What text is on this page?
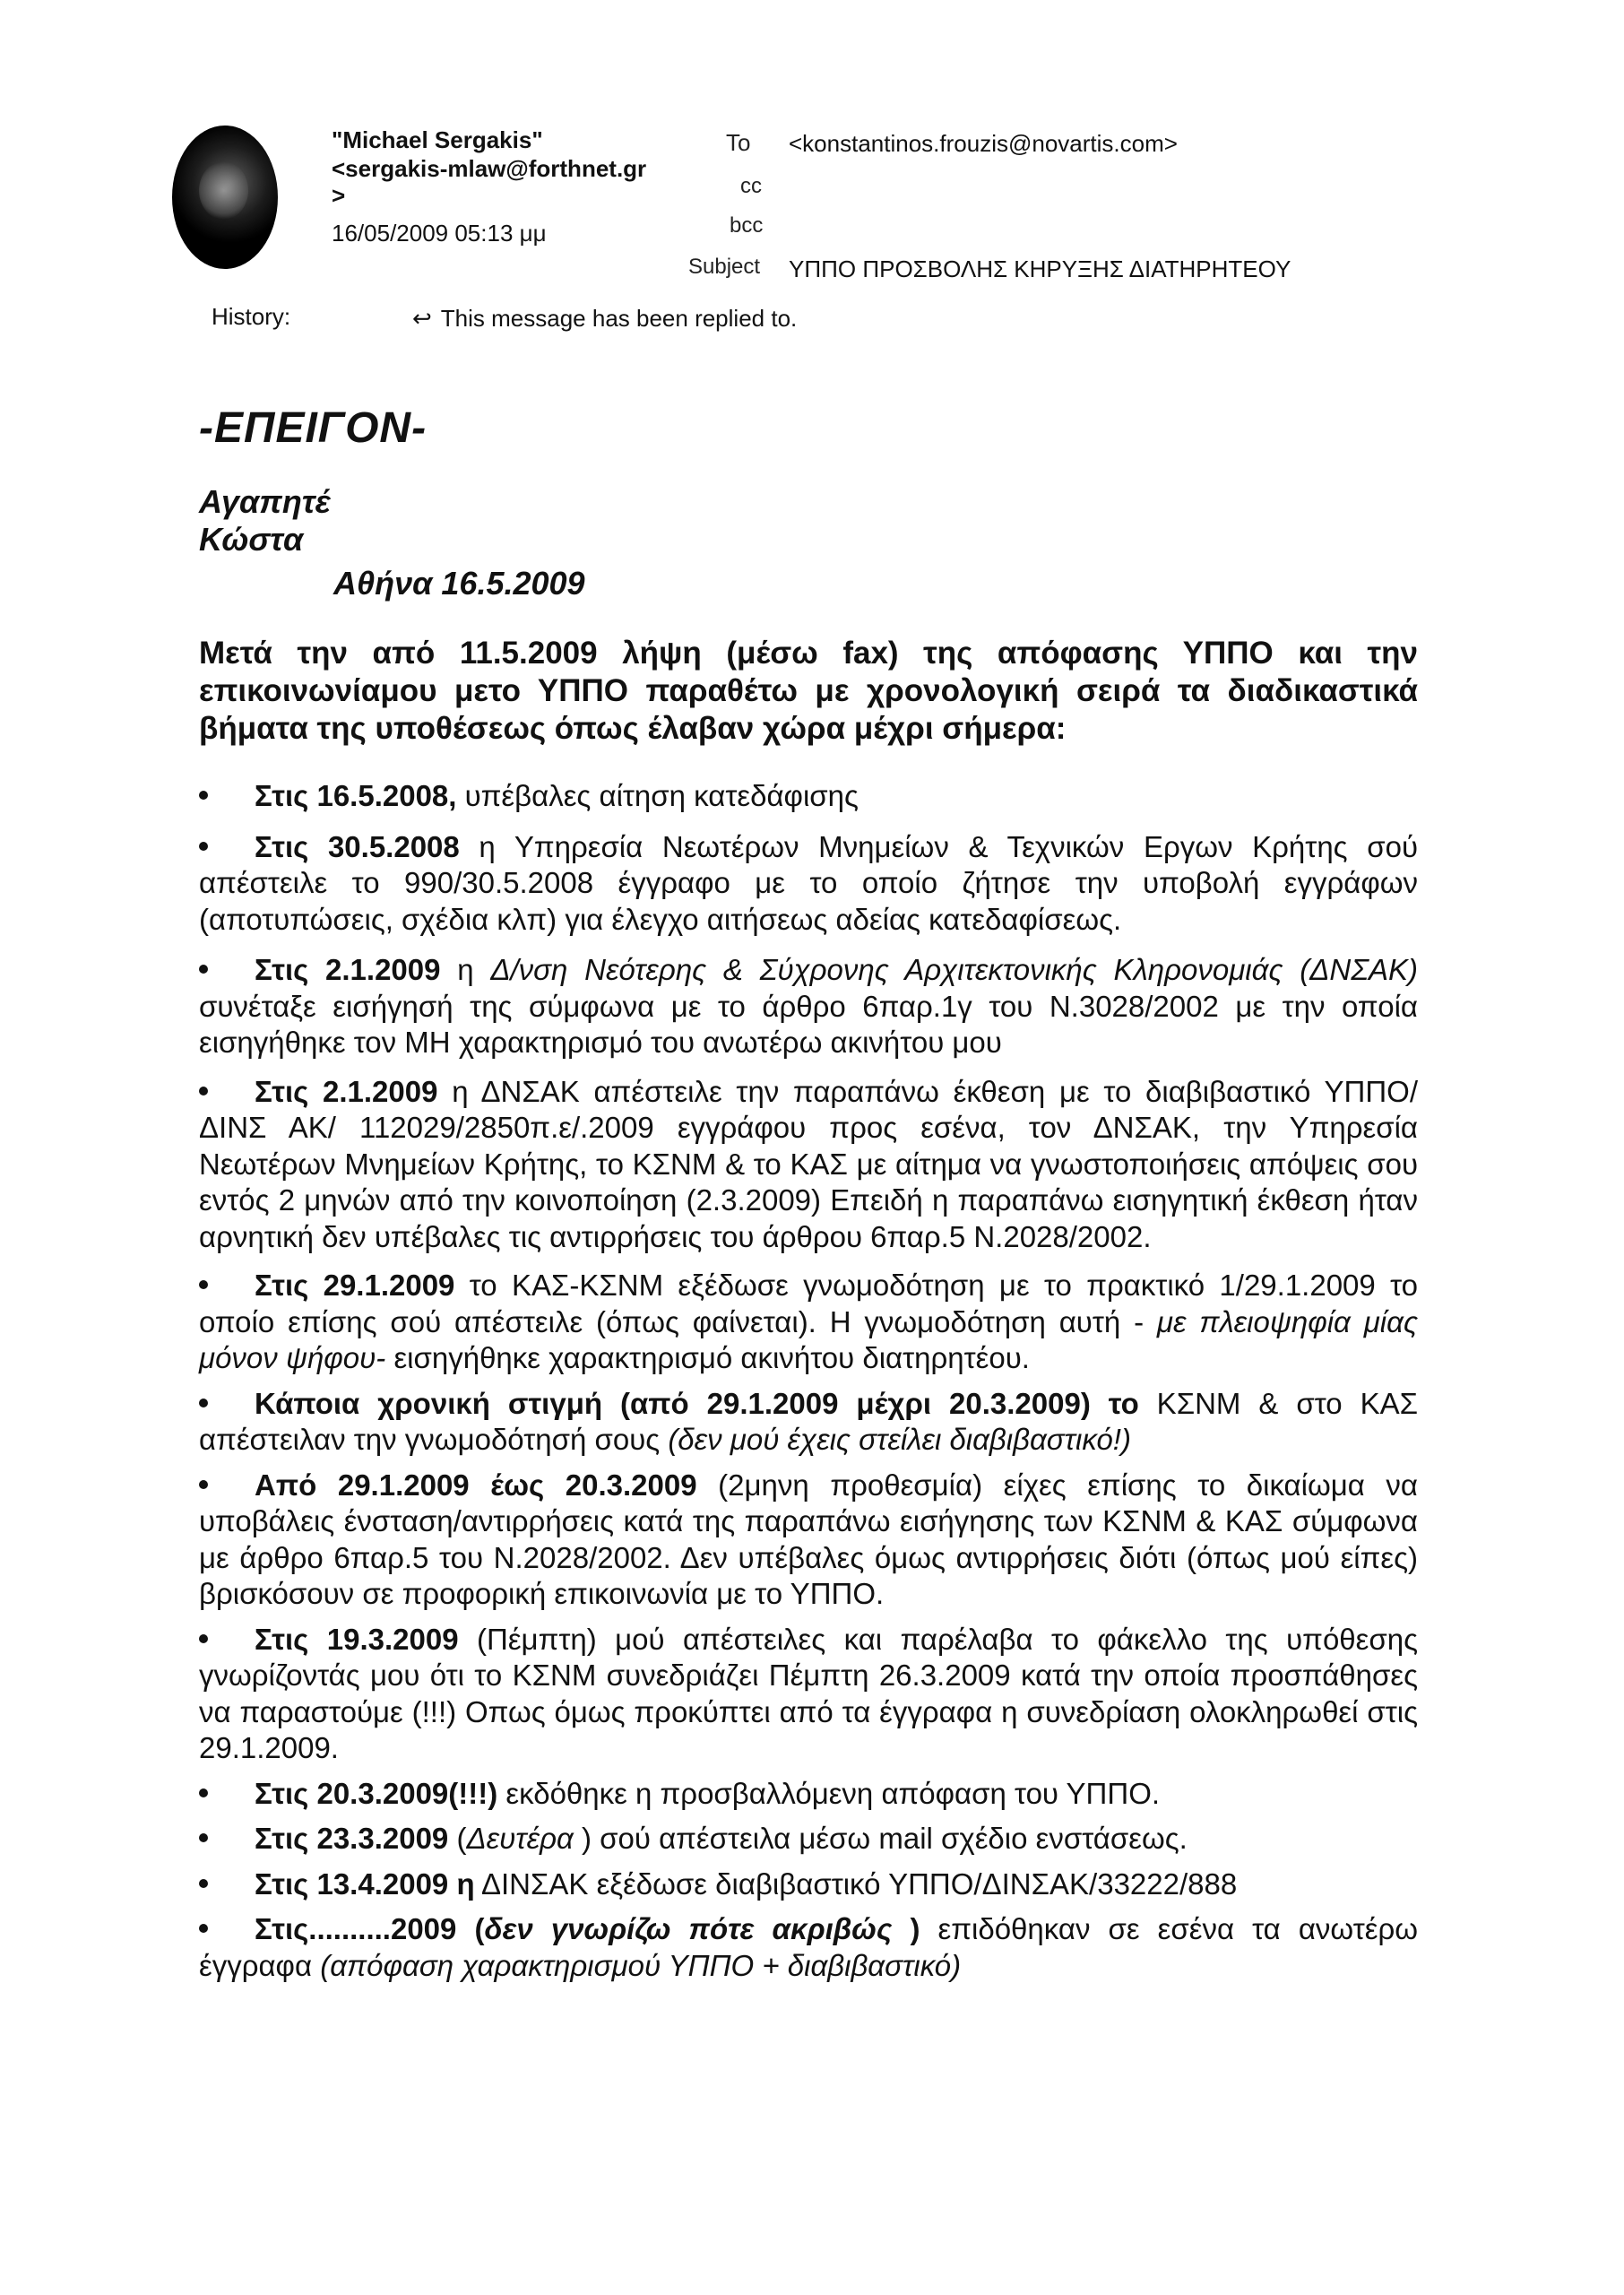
"Michael Sergakis"
<sergakis-mlaw@forthnet.gr
>
16/05/2009 05:13 μμ
To <konstantinos.frouzis@novartis.com>
cc
bcc
Subject ΥΠΠΟ ΠΡΟΣΒΟΛΗΣ ΚΗΡΥΞΗΣ ΔΙΑΤΗΡΗΤΕΟΥ
History:	↩ This message has been replied to.
-ΕΠΕΙΓΟΝ-
Αγαπητέ
Κώστα
Αθήνα 16.5.2009
Μετά την από 11.5.2009 λήψη (μέσω fax) της απόφασης ΥΠΠΟ και την επικοινωνίαμου μετο ΥΠΠΟ παραθέτω με χρονολογική σειρά τα διαδικαστικά βήματα της υποθέσεως όπως έλαβαν χώρα μέχρι σήμερα:
Στις 16.5.2008, υπέβαλες αίτηση κατεδάφισης
Στις 30.5.2008 η Υπηρεσία Νεωτέρων Μνημείων & Τεχνικών Εργων Κρήτης σού απέστειλε το 990/30.5.2008 έγγραφο με το οποίο ζήτησε την υποβολή εγγράφων (αποτυπώσεις, σχέδια κλπ) για έλεγχο αιτήσεως αδείας κατεδαφίσεως.
Στις 2.1.2009 η Δ/νση Νεότερης & Σύχρονης Αρχιτεκτονικής Κληρονομιάς (ΔΝΣΑΚ) συνέταξε εισήγησή της σύμφωνα με το άρθρο 6παρ.1γ του Ν.3028/2002 με την οποία εισηγήθηκε τον ΜΗ χαρακτηρισμό του ανωτέρω ακινήτου μου
Στις 2.1.2009 η ΔΝΣΑΚ απέστειλε την παραπάνω έκθεση με το διαβιβαστικό ΥΠΠΟ/ΔΙΝΣ ΑΚ/ 112029/2850π.ε/.2009 εγγράφου προς εσένα, τον ΔΝΣΑΚ, την Υπηρεσία Νεωτέρων Μνημείων Κρήτης, το ΚΣΝΜ & το ΚΑΣ με αίτημα να γνωστοποιήσεις απόψεις σου εντός 2 μηνών από την κοινοποίηση (2.3.2009) Επειδή η παραπάνω εισηγητική έκθεση ήταν αρνητική δεν υπέβαλες τις αντιρρήσεις του άρθρου 6παρ.5 Ν.2028/2002.
Στις 29.1.2009 το ΚΑΣ-ΚΣΝΜ εξέδωσε γνωμοδότηση με το πρακτικό 1/29.1.2009 το οποίο επίσης σού απέστειλε (όπως φαίνεται). Η γνωμοδότηση αυτή - με πλειοψηφία μίας μόνον ψήφου- εισηγήθηκε χαρακτηρισμό ακινήτου διατηρητέου.
Κάποια χρονική στιγμή (από 29.1.2009 μέχρι 20.3.2009) το ΚΣΝΜ & στο ΚΑΣ απέστειλαν την γνωμοδότησή σους (δεν μού έχεις στείλει διαβιβαστικό!)
Από 29.1.2009 έως 20.3.2009 (2μηνη προθεσμία) είχες επίσης το δικαίωμα να υποβάλεις ένσταση/αντιρρήσεις κατά της παραπάνω εισήγησης των ΚΣΝΜ & ΚΑΣ σύμφωνα με άρθρο 6παρ.5 του Ν.2028/2002. Δεν υπέβαλες όμως αντιρρήσεις διότι (όπως μού είπες) βρισκόσουν σε προφορική επικοινωνία με το ΥΠΠΟ.
Στις 19.3.2009 (Πέμπτη) μού απέστειλες και παρέλαβα το φάκελλο της υπόθεσης γνωρίζοντάς μου ότι το ΚΣΝΜ συνεδριάζει Πέμπτη 26.3.2009 κατά την οποία προσπάθησες να παραστούμε (!!!) Οπως όμως προκύπτει από τα έγγραφα η συνεδρίαση ολοκληρωθεί στις 29.1.2009.
Στις 20.3.2009(!!!) εκδόθηκε η προσβαλλόμενη απόφαση του ΥΠΠΟ.
Στις 23.3.2009 (Δευτέρα ) σού απέστειλα μέσω mail σχέδιο ενστάσεως.
Στις 13.4.2009 η ΔΙΝΣΑΚ εξέδωσε διαβιβαστικό ΥΠΠΟ/ΔΙΝΣΑΚ/33222/888
Στις..........2009 (δεν γνωρίζω πότε ακριβώς ) επιδόθηκαν σε εσένα τα ανωτέρω έγγραφα (απόφαση χαρακτηρισμού ΥΠΠΟ + διαβιβαστικό)
